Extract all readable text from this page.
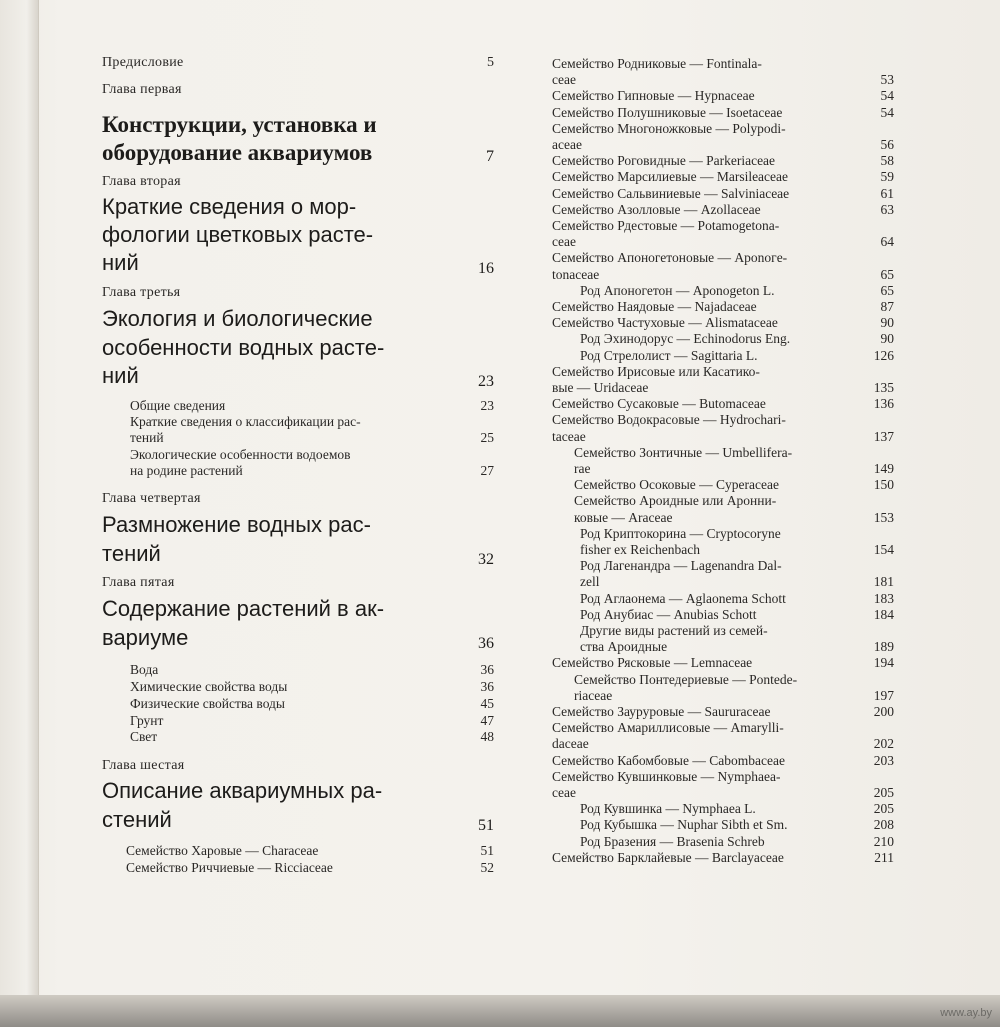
Предисловие	5
Глава первая
Конструкции, установка и
оборудование аквариумов	7
Глава вторая
Краткие сведения о мор-
фологии цветковых расте-
ний	16
Глава третья
Экология и биологические
особенности водных расте-
ний	23
Общие сведения	23
Краткие сведения о классификации рас-
тений	25
Экологические особенности водоемов
на родине растений	27
Глава четвертая
Размножение водных рас-
тений	32
Глава пятая
Содержание растений в ак-
вариуме	36
Вода	36
Химические свойства воды	36
Физические свойства воды	45
Грунт	47
Свет	48
Глава шестая
Описание аквариумных ра-
стений	51
Семейство Харовые — Characeae	51
Семейство Риччиевые — Ricciaceae	52
Семейство Родниковые — Fontinala-
ceae	53
Семейство Гипновые — Hypnaceae	54
Семейство Полушниковые — Isoetaceae	54
Семейство Многоножковые — Polypodi-
aceae	56
Семейство Роговидные — Parkeriaceae	58
Семейство Марсилиевые — Marsileaceae	59
Семейство Сальвиниевые — Salviniaceae	61
Семейство Азолловые — Azollaceae	63
Семейство Рдестовые — Potamogetona-
ceae	64
Семейство Апоногетоновые — Aponoгe-
tonaceae	65
Род Апоногетон — Aponogeton L.	65
Семейство Наядовые — Najadaceae	87
Семейство Частуховые — Alismataceae	90
Род Эхинодорус — Echinodorus Eng.	90
Род Стрелолист — Sagittaria L.	126
Семейство Ирисовые или Касатико-
вые — Uridaceae	135
Семейство Сусаковые — Butomaceae	136
Семейство Водокрасовые — Hydrochari-
taceae	137
Семейство Зонтичные — Umbellifera-
rae	149
Семейство Осоковые — Cyperaceae	150
Семейство Ароидные или Аронни-
ковые — Araceae	153
Род Криптокорина — Cryptocoryne
fisher ex Reichenbach	154
Род Лагенандра — Lagenandra Dal-
zell	181
Род Аглаонема — Aglaonema Schott	183
Род Анубиас — Anubias Schott	184
Другие виды растений из семей-
ства Ароидные	189
Семейство Рясковые — Lemnaceae	194
Семейство Понтедериевые — Pontede-
riaceae	197
Семейство Зауруровые — Saururaceae	200
Семейство Амариллисовые — Amarylli-
daceae	202
Семейство Кабомбовые — Cabombaceae	203
Семейство Кувшинковые — Nymphaea-
ceae	205
Род Кувшинка — Nymphaea L.	205
Род Кубышка — Nuphar Sibth et Sm.	208
Род Бразения — Brasenia Schreb	210
Семейство Барклайевые — Barclayaceae	211
www.ay.by
